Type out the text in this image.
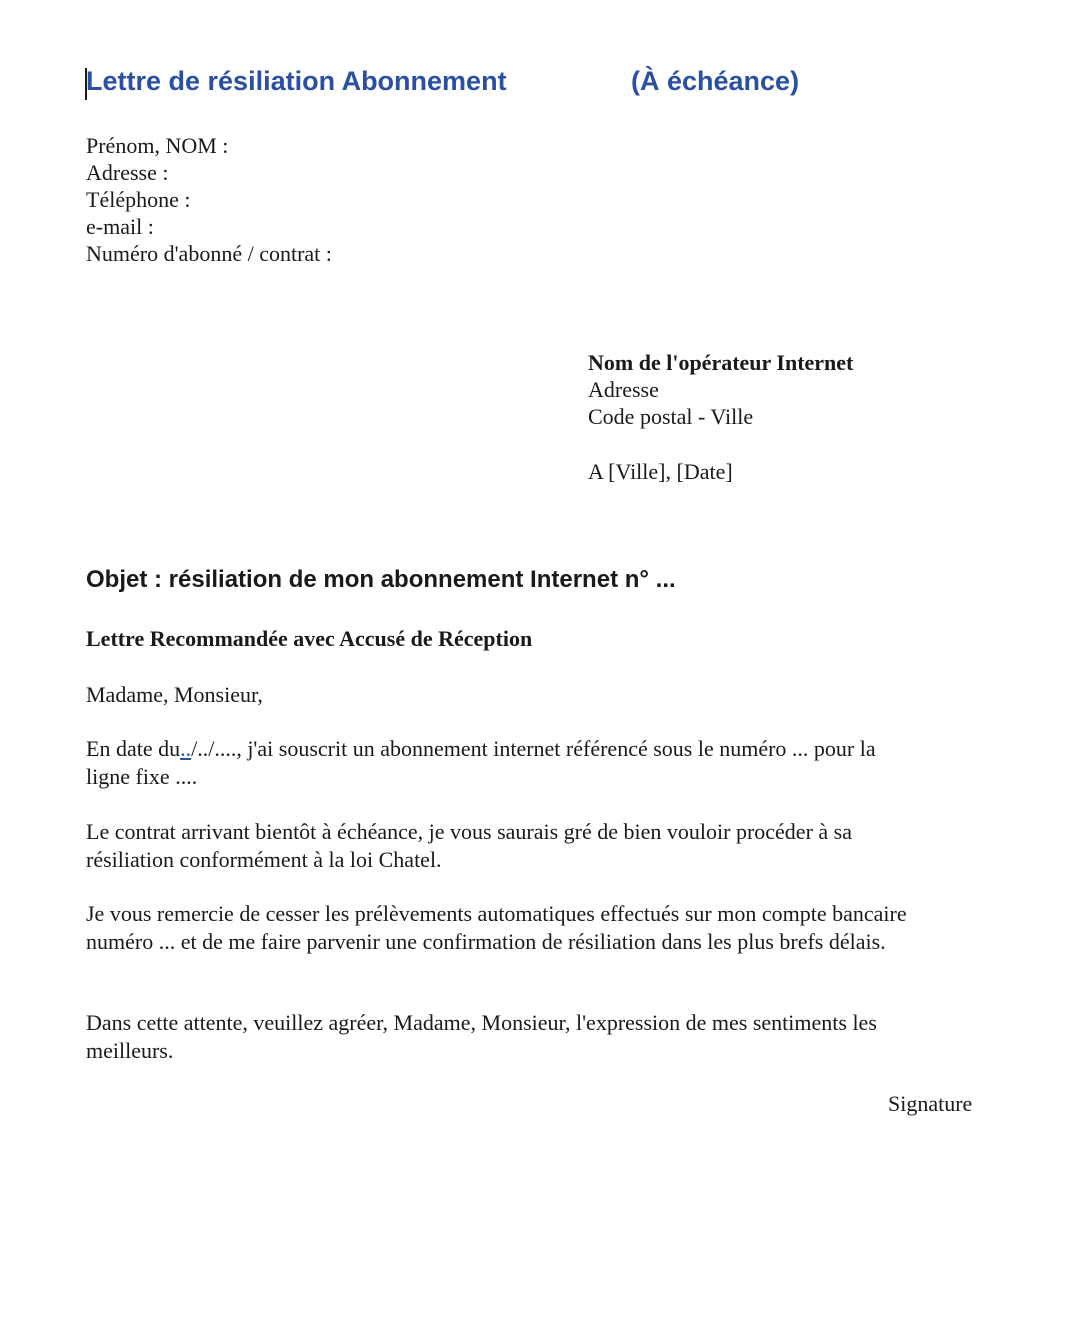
Lettre de résiliation Abonnement	(À échéance)
Prénom, NOM :
Adresse :
Téléphone :
e-mail :
Numéro d'abonné / contrat :
Nom de l'opérateur Internet
Adresse
Code postal - Ville
A [Ville], [Date]
Objet : résiliation de mon abonnement Internet n° ...
Lettre Recommandée avec Accusé de Réception
Madame, Monsieur,
En date du../../...., j'ai souscrit un abonnement internet référencé sous le numéro ... pour la
ligne fixe ....
Le contrat arrivant bientôt à échéance, je vous saurais gré de bien vouloir procéder à sa
résiliation conformément à la loi Chatel.
Je vous remercie de cesser les prélèvements automatiques effectués sur mon compte bancaire
numéro ... et de me faire parvenir une confirmation de résiliation dans les plus brefs délais.
Dans cette attente, veuillez agréer, Madame, Monsieur, l'expression de mes sentiments les
meilleurs.
Signature
